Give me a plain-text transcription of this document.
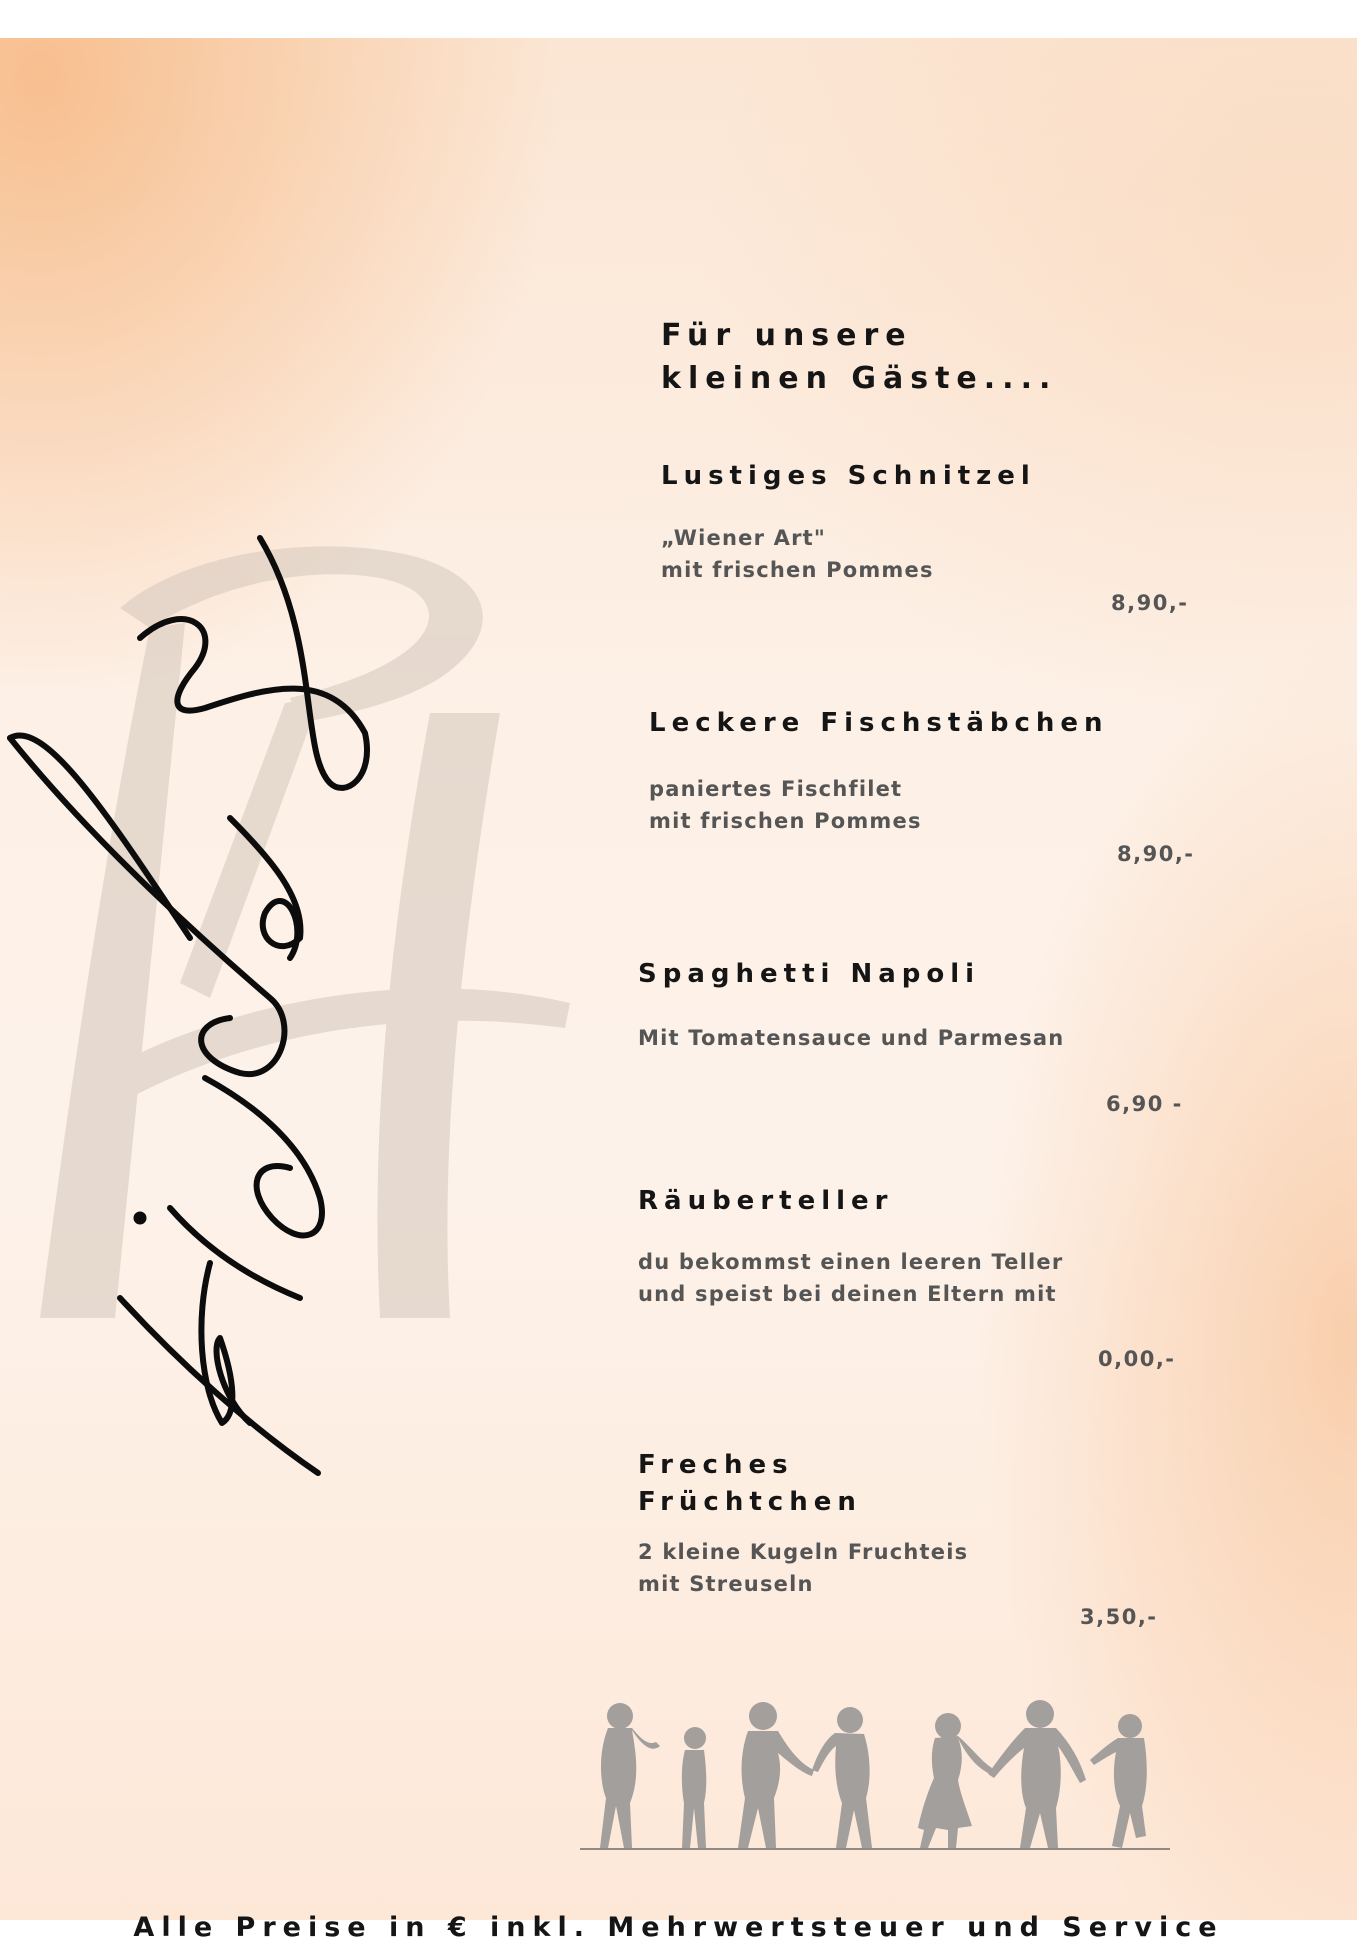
Für unsere
kleinen Gäste....
Lustiges Schnitzel
„Wiener Art"
mit frischen Pommes
8,90,-
Leckere Fischstäbchen
paniertes Fischfilet
mit frischen Pommes
8,90,-
Spaghetti Napoli
Mit Tomatensauce und Parmesan
6,90 -
Räuberteller
du bekommst einen leeren Teller
und speist bei deinen Eltern mit
0,00,-
Freches
Früchtchen
2 kleine Kugeln Fruchteis
mit Streuseln
3,50,-
Alle Preise in € inkl. Mehrwertsteuer und Service
